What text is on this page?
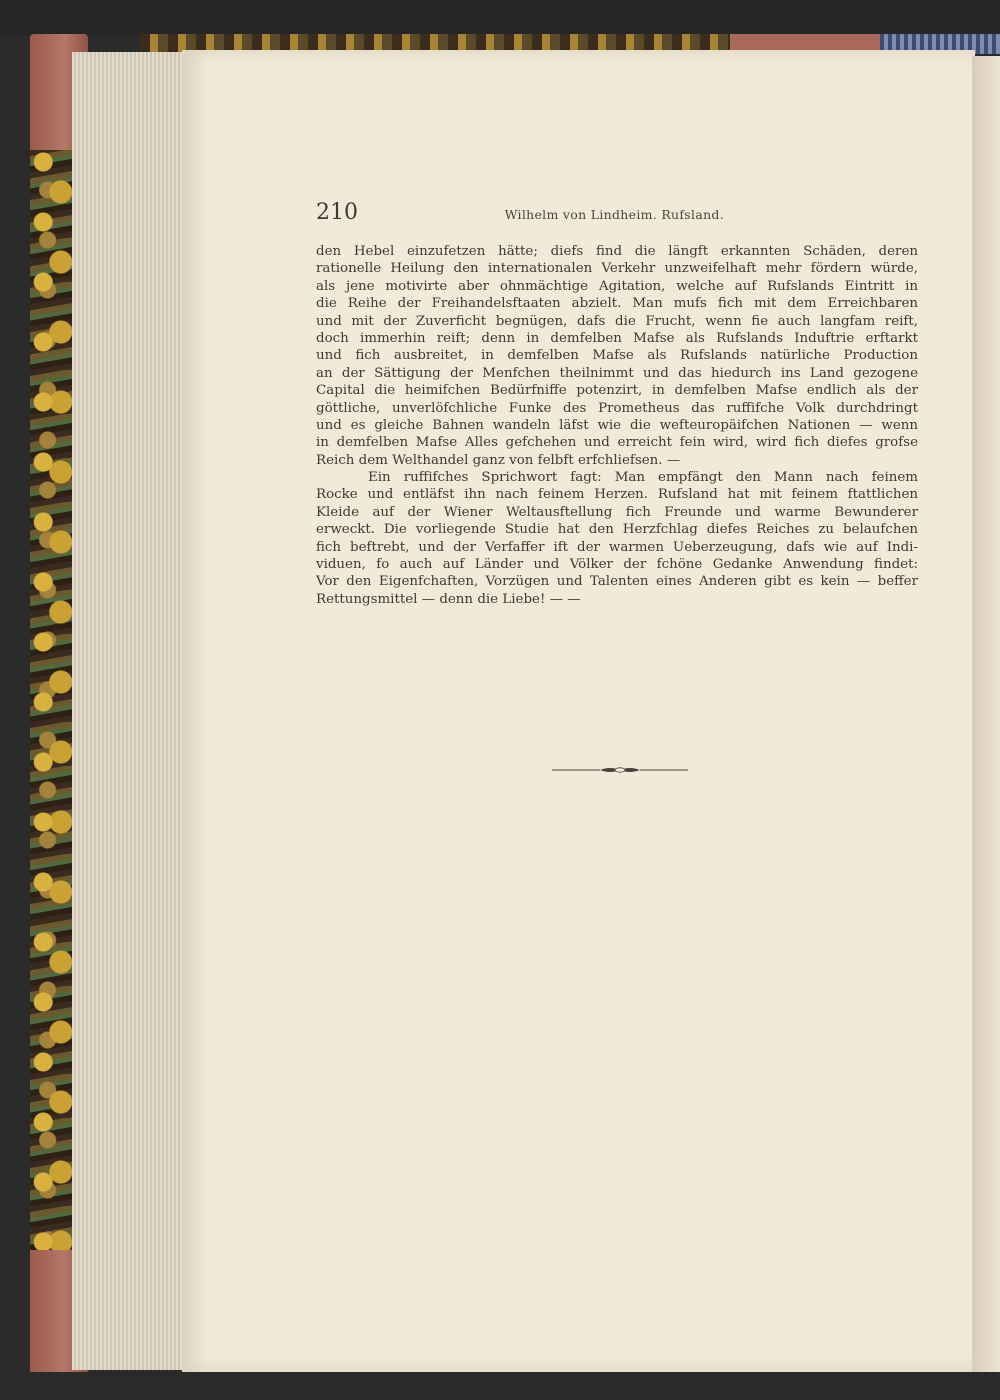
210	Wilhelm von Lindheim. Rufsland.
den Hebel einzufetzen hätte; diefs find die längft erkannten Schäden, deren
rationelle Heilung den internationalen Verkehr unzweifelhaft mehr fördern würde,
als jene motivirte aber ohnmächtige Agitation, welche auf Rufslands Eintritt in
die Reihe der Freihandelsftaaten abzielt. Man mufs fich mit dem Erreichbaren
und mit der Zuverficht begnügen, dafs die Frucht, wenn fie auch langfam reift,
doch immerhin reift; denn in demfelben Mafse als Rufslands Induftrie erftarkt
und fich ausbreitet, in demfelben Mafse als Rufslands natürliche Production
an der Sättigung der Menfchen theilnimmt und das hiedurch ins Land gezogene
Capital die heimifchen Bedürfniffe potenzirt, in demfelben Mafse endlich als der
göttliche, unverlöfchliche Funke des Prometheus das ruffifche Volk durchdringt
und es gleiche Bahnen wandeln läfst wie die wefteuropäifchen Nationen — wenn
in demfelben Mafse Alles gefchehen und erreicht fein wird, wird fich diefes grofse
Reich dem Welthandel ganz von felbft erfchliefsen. —
Ein ruffifches Sprichwort fagt: Man empfängt den Mann nach feinem
Rocke und entläfst ihn nach feinem Herzen. Rufsland hat mit feinem ftattlichen
Kleide auf der Wiener Weltausftellung fich Freunde und warme Bewunderer
erweckt. Die vorliegende Studie hat den Herzfchlag diefes Reiches zu belaufchen
fich beftrebt, und der Verfaffer ift der warmen Ueberzeugung, dafs wie auf Indi-
viduen, fo auch auf Länder und Völker der fchöne Gedanke Anwendung findet:
Vor den Eigenfchaften, Vorzügen und Talenten eines Anderen gibt es kein — beffer
Rettungsmittel — denn die Liebe! — —
